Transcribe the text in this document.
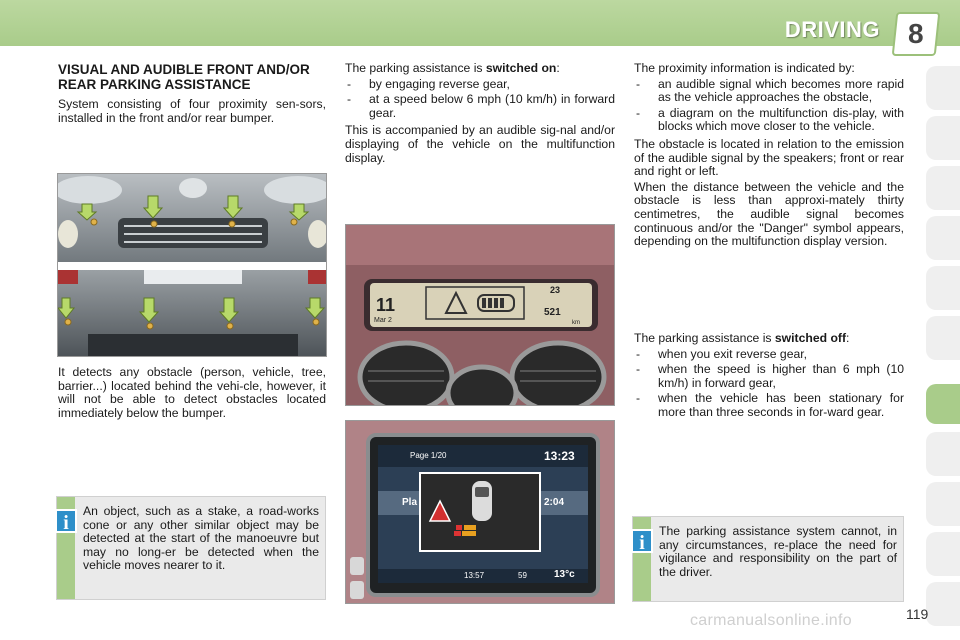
DRIVING 8
VISUAL AND AUDIBLE FRONT AND/OR REAR PARKING ASSISTANCE

System consisting of four proximity sen-sors, installed in the front and/or rear bumper.

It detects any obstacle (person, vehicle, tree, barrier...) located behind the vehi-cle, however, it will not be able to detect obstacles located immediately below the bumper.

The parking assistance is switched on:

- by engaging reverse gear,
- at a speed below 6 mph (10 km/h) in forward gear.

This is accompanied by an audible sig-nal and/or displaying of the vehicle on the multifunction display.

11
Mar 2
23
521
km
Page 1/20	13:23
Pla	2:04
13:57	59	13°c

The proximity information is indicated by:

- an audible signal which becomes more rapid as the vehicle approaches the obstacle,
- a diagram on the multifunction dis-play, with blocks which move closer to the vehicle.

The obstacle is located in relation to the emission of the audible signal by the speakers; front or rear and right or left.

When the distance between the vehicle and the obstacle is less than approxi-mately thirty centimetres, the audible signal becomes continuous and/or the "Danger" symbol appears, depending on the multifunction display version.

The parking assistance is switched off:

- when you exit reverse gear,
- when the speed is higher than 6 mph (10 km/h) in forward gear,
- when the vehicle has been stationary for more than three seconds in for-ward gear.
i
An object, such as a stake, a road-works cone or any other similar object may be detected at the start of the manoeuvre but may no long-er be detected when the vehicle moves nearer to it.
i
The parking assistance system cannot, in any circumstances, re-place the need for vigilance and responsibility on the part of the driver.
carmanualsonline.info	119
